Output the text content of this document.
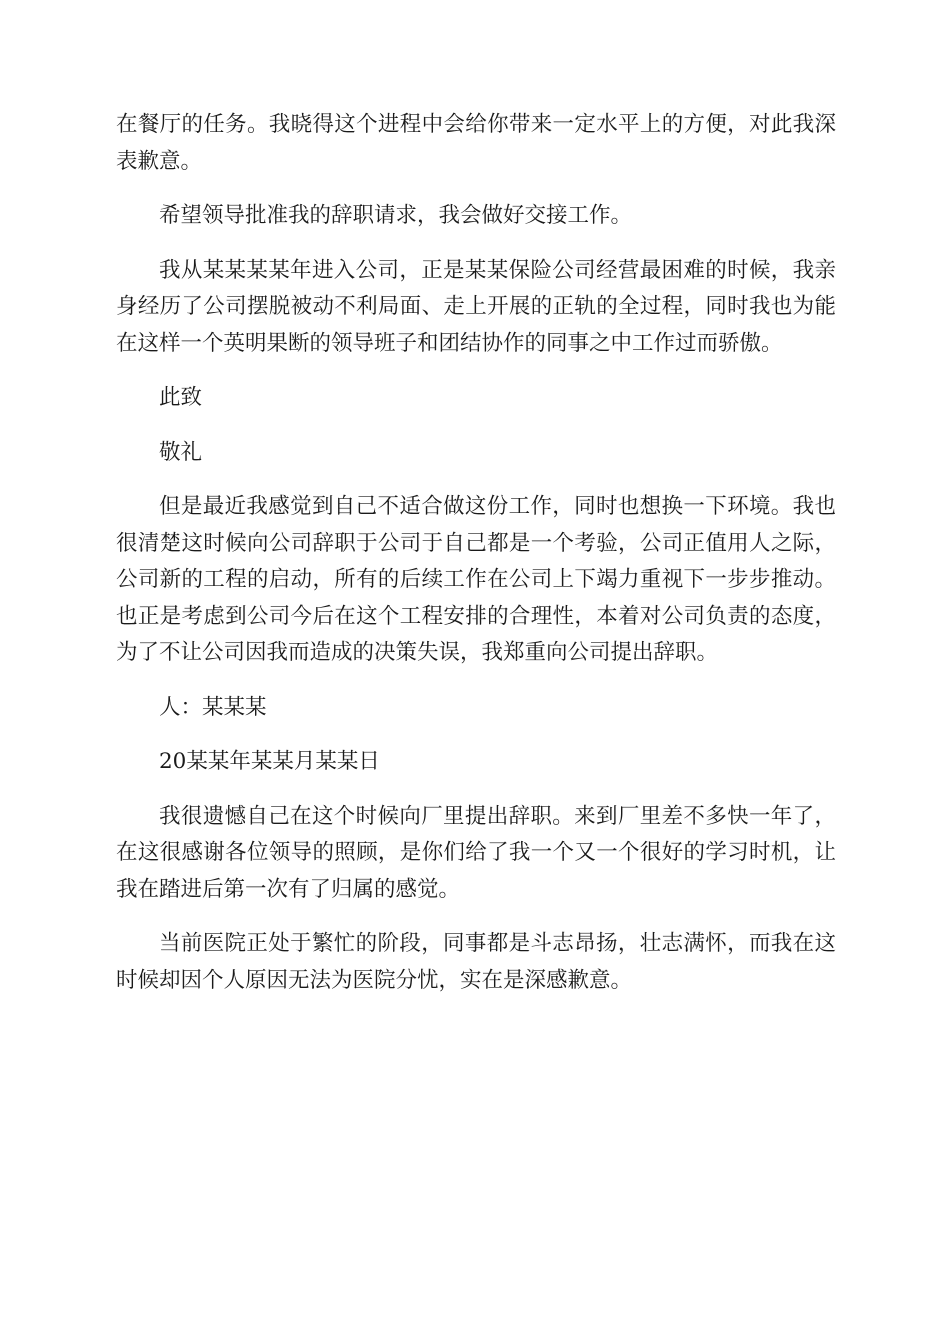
在餐厅的任务。我晓得这个进程中会给你带来一定水平上的方便，对此我深表歉意。

希望领导批准我的辞职请求，我会做好交接工作。

我从某某某某年进入公司，正是某某保险公司经营最困难的时候，我亲身经历了公司摆脱被动不利局面、走上开展的正轨的全过程，同时我也为能在这样一个英明果断的领导班子和团结协作的同事之中工作过而骄傲。

此致

敬礼

但是最近我感觉到自己不适合做这份工作，同时也想换一下环境。我也很清楚这时候向公司辞职于公司于自己都是一个考验，公司正值用人之际，公司新的工程的启动，所有的后续工作在公司上下竭力重视下一步步推动。也正是考虑到公司今后在这个工程安排的合理性，本着对公司负责的态度，为了不让公司因我而造成的决策失误，我郑重向公司提出辞职。

人：某某某

20某某年某某月某某日

我很遗憾自己在这个时候向厂里提出辞职。来到厂里差不多快一年了，在这很感谢各位领导的照顾，是你们给了我一个又一个很好的学习时机，让我在踏进后第一次有了归属的感觉。

当前医院正处于繁忙的阶段，同事都是斗志昂扬，壮志满怀，而我在这时候却因个人原因无法为医院分忧，实在是深感歉意。
